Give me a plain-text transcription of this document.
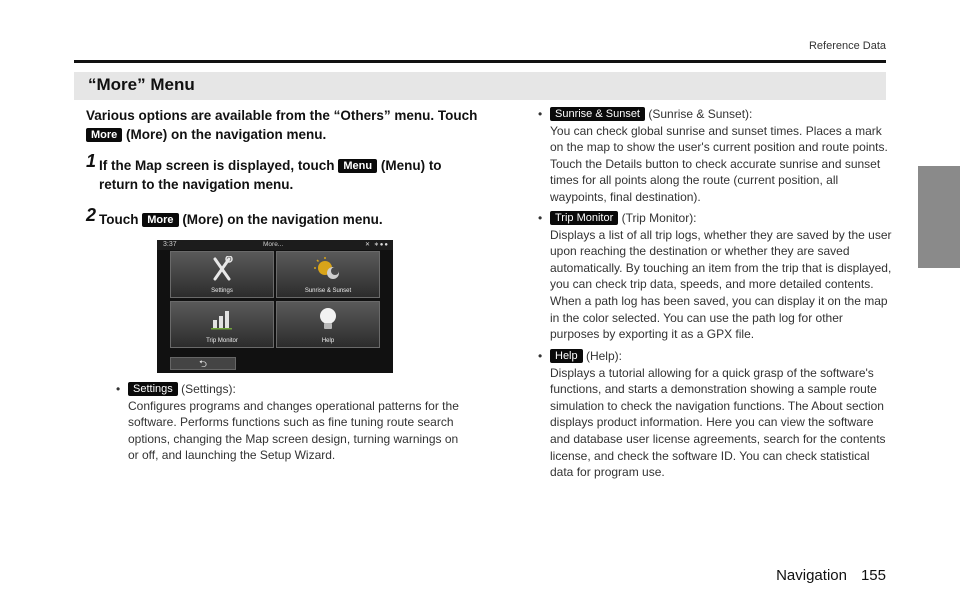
Reference Data
“More” Menu
Various options are available from the “Others” menu. Touch More (More) on the navigation menu.
1 If the Map screen is displayed, touch Menu (Menu) to return to the navigation menu.
2 Touch More (More) on the navigation menu.
3:37	More...	✕ ∗●●
Settings	Sunrise & Sunset
Trip Monitor	Help
⮌
•	Settings (Settings):
Configures programs and changes operational patterns for the software. Performs functions such as fine tuning route search options, changing the Map screen design, turning warnings on or off, and launching the Setup Wizard.
•	Sunrise & Sunset (Sunrise & Sunset):
You can check global sunrise and sunset times. Places a mark on the map to show the user's current position and route points. Touch the Details button to check accurate sunrise and sunset times for all points along the route (current position, all waypoints, final destination).
•	Trip Monitor (Trip Monitor):
Displays a list of all trip logs, whether they are saved by the user upon reaching the destination or whether they are saved automatically. By touching an item from the trip that is displayed, you can check trip data, speeds, and more detailed contents. When a path log has been saved, you can display it on the map in the color selected. You can use the path log for other purposes by exporting it as a GPX file.
•	Help (Help):
Displays a tutorial allowing for a quick grasp of the software's functions, and starts a demonstration showing a sample route simulation to check the navigation functions. The About section displays product information. Here you can view the software and database user license agreements, search for the contents license, and check the software ID. You can check statistical data for program use.
Navigation 155
